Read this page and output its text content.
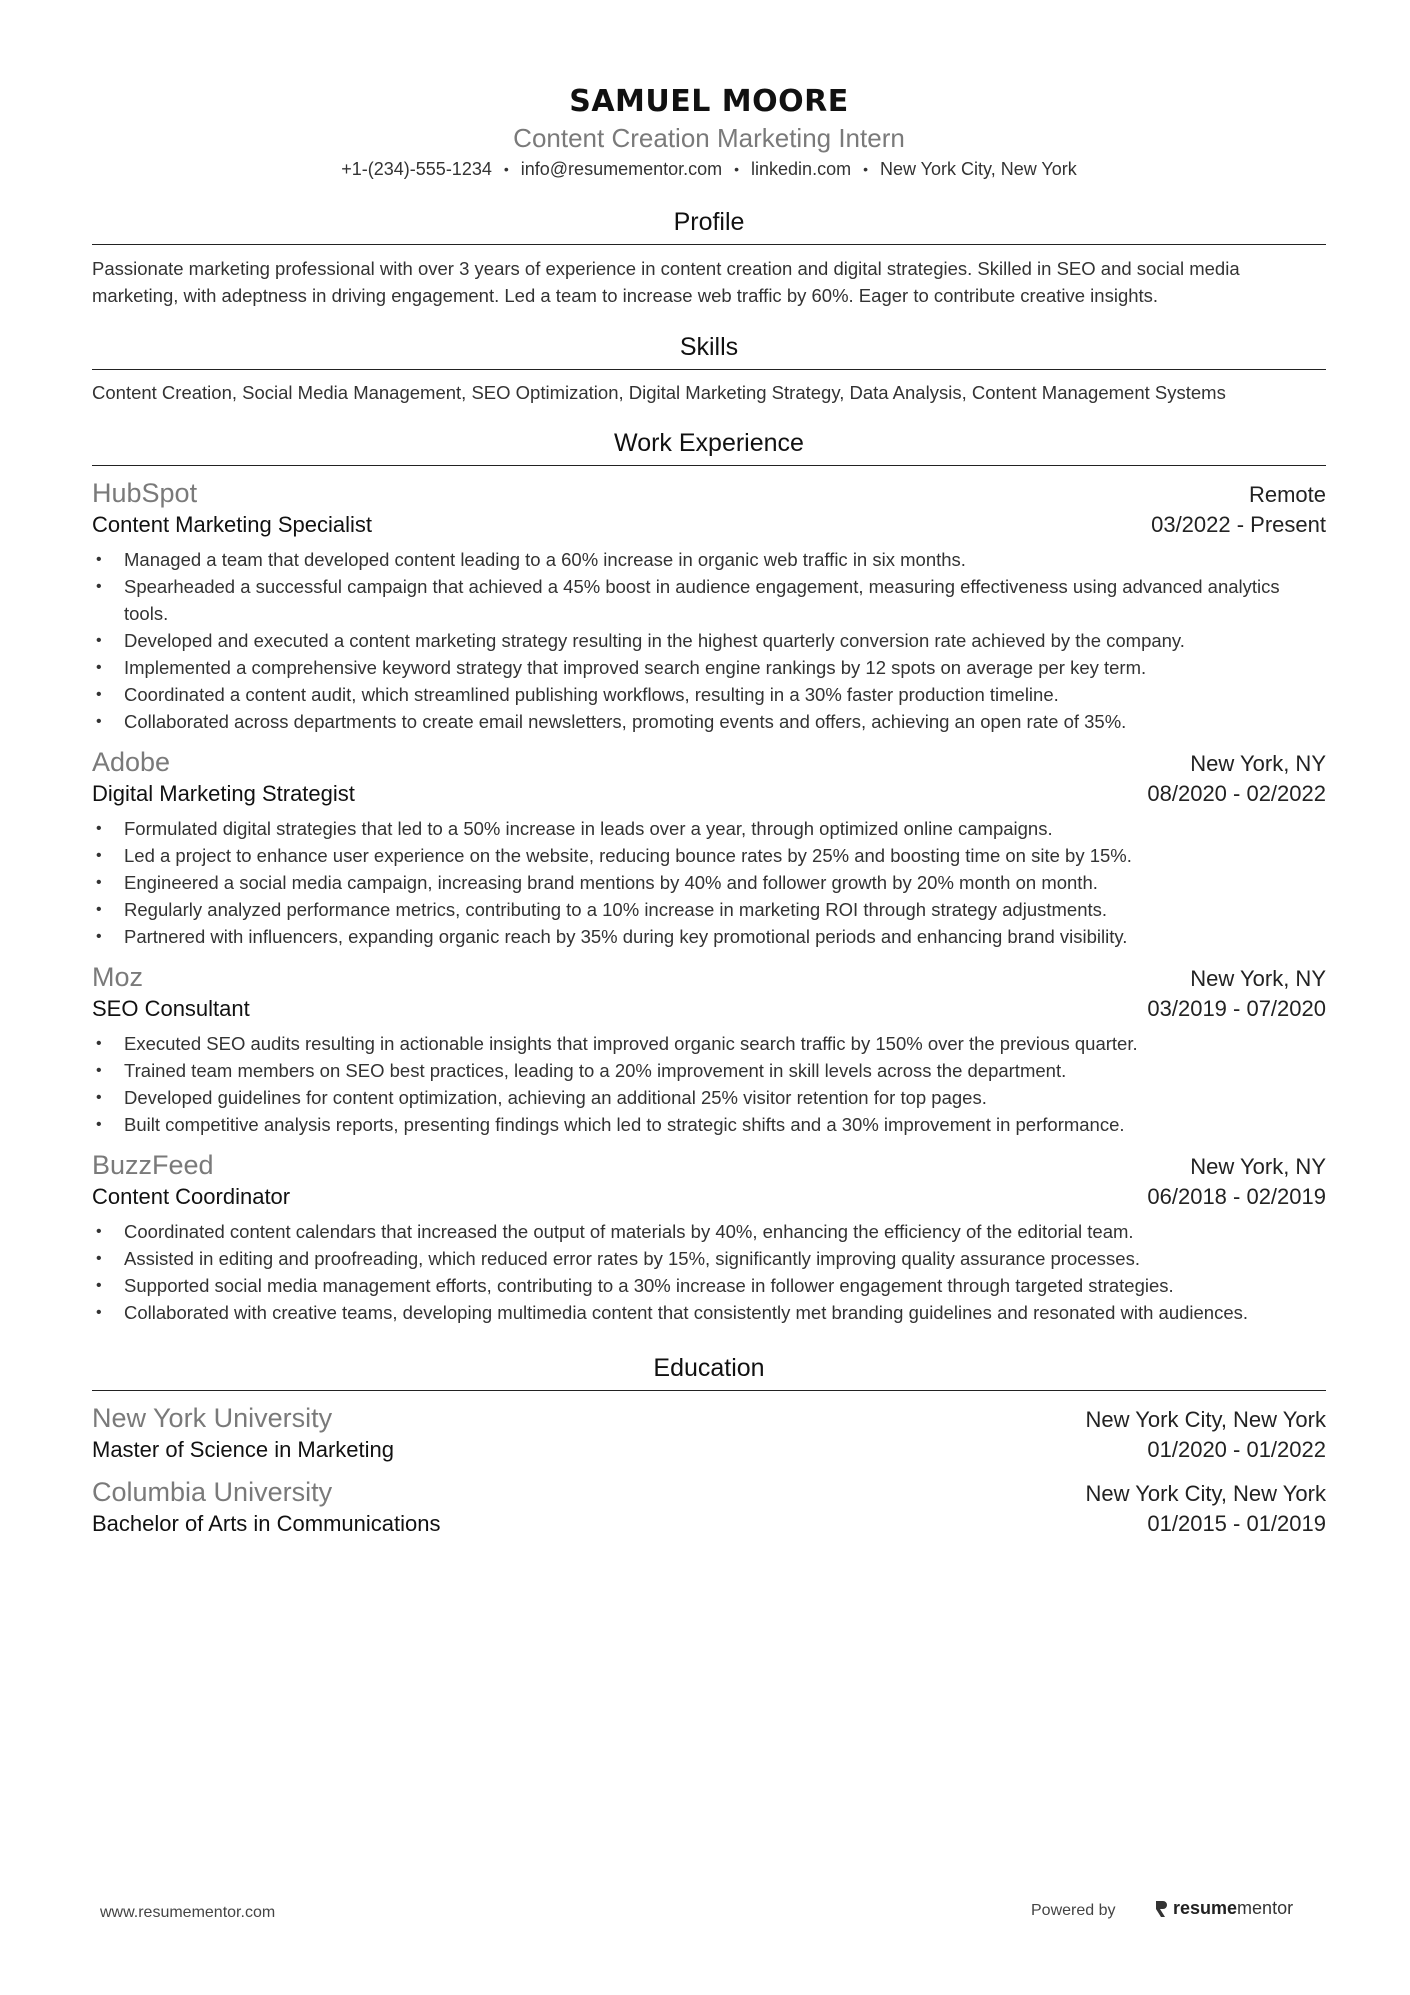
SAMUEL MOORE
Content Creation Marketing Intern
+1-(234)-555-1234 • info@resumementor.com • linkedin.com • New York City, New York
Profile
Passionate marketing professional with over 3 years of experience in content creation and digital strategies. Skilled in SEO and social media marketing, with adeptness in driving engagement. Led a team to increase web traffic by 60%. Eager to contribute creative insights.
Skills
Content Creation, Social Media Management, SEO Optimization, Digital Marketing Strategy, Data Analysis, Content Management Systems
Work Experience
HubSpot	Remote
Content Marketing Specialist	03/2022 - Present
• Managed a team that developed content leading to a 60% increase in organic web traffic in six months.
• Spearheaded a successful campaign that achieved a 45% boost in audience engagement, measuring effectiveness using advanced analytics tools.
• Developed and executed a content marketing strategy resulting in the highest quarterly conversion rate achieved by the company.
• Implemented a comprehensive keyword strategy that improved search engine rankings by 12 spots on average per key term.
• Coordinated a content audit, which streamlined publishing workflows, resulting in a 30% faster production timeline.
• Collaborated across departments to create email newsletters, promoting events and offers, achieving an open rate of 35%.
Adobe	New York, NY
Digital Marketing Strategist	08/2020 - 02/2022
• Formulated digital strategies that led to a 50% increase in leads over a year, through optimized online campaigns.
• Led a project to enhance user experience on the website, reducing bounce rates by 25% and boosting time on site by 15%.
• Engineered a social media campaign, increasing brand mentions by 40% and follower growth by 20% month on month.
• Regularly analyzed performance metrics, contributing to a 10% increase in marketing ROI through strategy adjustments.
• Partnered with influencers, expanding organic reach by 35% during key promotional periods and enhancing brand visibility.
Moz	New York, NY
SEO Consultant	03/2019 - 07/2020
• Executed SEO audits resulting in actionable insights that improved organic search traffic by 150% over the previous quarter.
• Trained team members on SEO best practices, leading to a 20% improvement in skill levels across the department.
• Developed guidelines for content optimization, achieving an additional 25% visitor retention for top pages.
• Built competitive analysis reports, presenting findings which led to strategic shifts and a 30% improvement in performance.
BuzzFeed	New York, NY
Content Coordinator	06/2018 - 02/2019
• Coordinated content calendars that increased the output of materials by 40%, enhancing the efficiency of the editorial team.
• Assisted in editing and proofreading, which reduced error rates by 15%, significantly improving quality assurance processes.
• Supported social media management efforts, contributing to a 30% increase in follower engagement through targeted strategies.
• Collaborated with creative teams, developing multimedia content that consistently met branding guidelines and resonated with audiences.
Education
New York University	New York City, New York
Master of Science in Marketing	01/2020 - 01/2022
Columbia University	New York City, New York
Bachelor of Arts in Communications	01/2015 - 01/2019
www.resumementor.com	Powered by	resumementor
